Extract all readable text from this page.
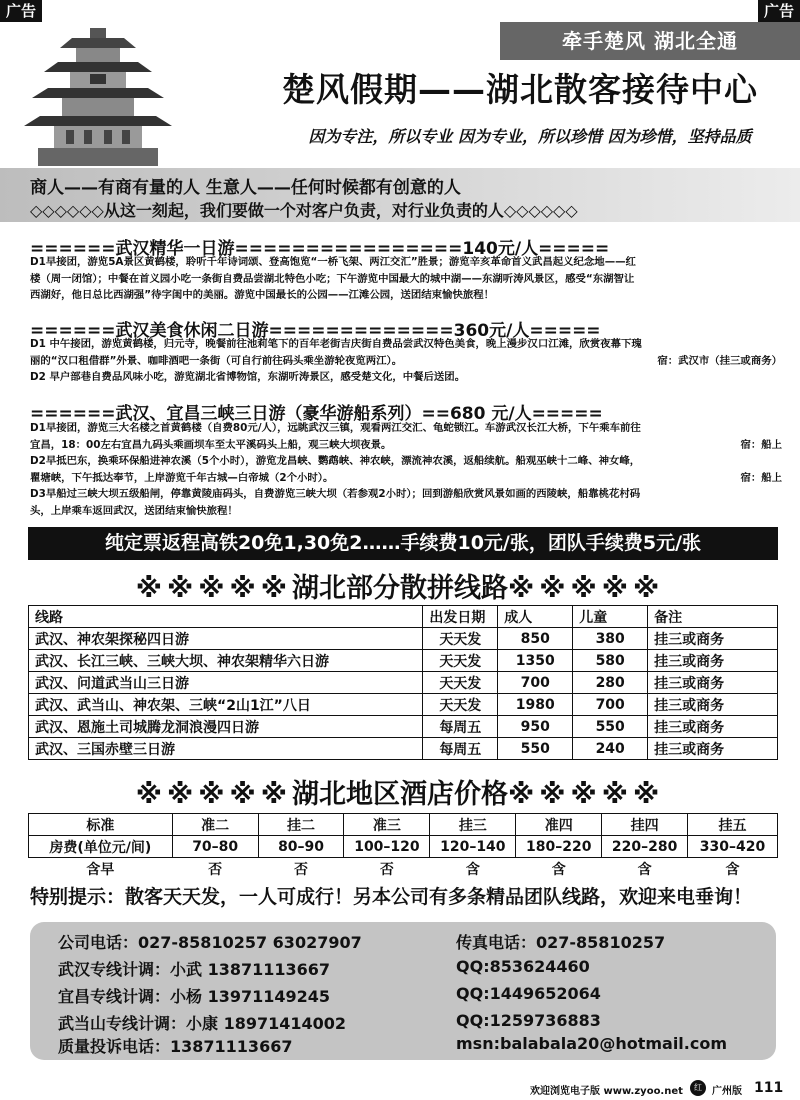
广告	广告
牵手楚风 湖北全通
楚风假期——湖北散客接待中心
因为专注，所以专业 因为专业，所以珍惜 因为珍惜，坚持品质
商人——有商有量的人 生意人——任何时候都有创意的人
◇◇◇◇◇◇从这一刻起，我们要做一个对客户负责，对行业负责的人◇◇◇◇◇◇
======武汉精华一日游================140元/人=====
D1早接团，游览5A景区黄鹤楼，聆听千年诗词颂、登高饱览“一桥飞架、两江交汇”胜景；游览辛亥革命首义武昌起义纪念地——红
楼（周一闭馆）；中餐在首义园小吃一条街自费品尝湖北特色小吃；下午游览中国最大的城中湖——东湖听涛风景区，感受“东湖智让
西湖好，他日总比西湖强”待字闺中的美丽。游览中国最长的公园——江滩公园，送团结束愉快旅程！
======武汉美食休闲二日游=============360元/人=====
D1 中午接团，游览黄鹤楼，归元寺，晚餐前往池莉笔下的百年老街吉庆街自费品尝武汉特色美食，晚上漫步汉口江滩，欣赏夜幕下瑰
丽的“汉口租借群”外景、咖啡酒吧一条街（可自行前往码头乘坐游轮夜览两江）。	宿：武汉市（挂三或商务）
D2 早户部巷自费品风味小吃，游览湖北省博物馆，东湖听涛景区，感受楚文化，中餐后送团。
======武汉、宜昌三峡三日游（豪华游船系列）==680 元/人=====
D1早接团，游览三大名楼之首黄鹤楼（自费80元/人），远眺武汉三镇，观看两江交汇、龟蛇锁江。车游武汉长江大桥，下午乘车前往
宜昌，18：00左右宜昌九码头乘画坝车至太平溪码头上船，观三峡大坝夜景。	宿：船上
D2早抵巴东，换乘环保船进神农溪（5个小时），游览龙昌峡、鹦鹉峡、神农峡，漂流神农溪，返船续航。船观巫峡十二峰、神女峰，
瞿塘峡，下午抵达奉节，上岸游览千年古城—白帝城（2个小时）。	宿：船上
D3早船过三峡大坝五级船闸，停靠黄陵庙码头，自费游览三峡大坝（若参观2小时）；回到游船欣赏风景如画的西陵峡，船靠桃花村码
头，上岸乘车返回武汉，送团结束愉快旅程！
纯定票返程高铁20免1,30免2……手续费10元/张，团队手续费5元/张
※※※※※湖北部分散拼线路※※※※※
线路	出发日期	成人	儿童	备注
武汉、神农架探秘四日游	天天发	850	380	挂三或商务
武汉、长江三峡、三峡大坝、神农架精华六日游	天天发	1350	580	挂三或商务
武汉、问道武当山三日游	天天发	700	280	挂三或商务
武汉、武当山、神农架、三峡“2山1江”八日	天天发	1980	700	挂三或商务
武汉、恩施土司城腾龙洞浪漫四日游	每周五	950	550	挂三或商务
武汉、三国赤壁三日游	每周五	550	240	挂三或商务
※※※※※湖北地区酒店价格※※※※※
标准	准二	挂二	准三	挂三	准四	挂四	挂五
房费(单位元/间)	70–80	80–90	100–120	120–140	180–220	220–280	330–420
含早	否	否	否	含	含	含	含
特别提示：散客天天发，一人可成行！另本公司有多条精品团队线路，欢迎来电垂询！
公司电话：027-85810257 63027907	传真电话：027-85810257
武汉专线计调：小武 13871113667	QQ:853624460
宜昌专线计调：小杨 13971149245	QQ:1449652064
武当山专线计调：小康 18971414002	QQ:1259736883
质量投诉电话：13871113667	msn:balabala20@hotmail.com
欢迎浏览电子版 www.zyoo.net	红	广州版 111
